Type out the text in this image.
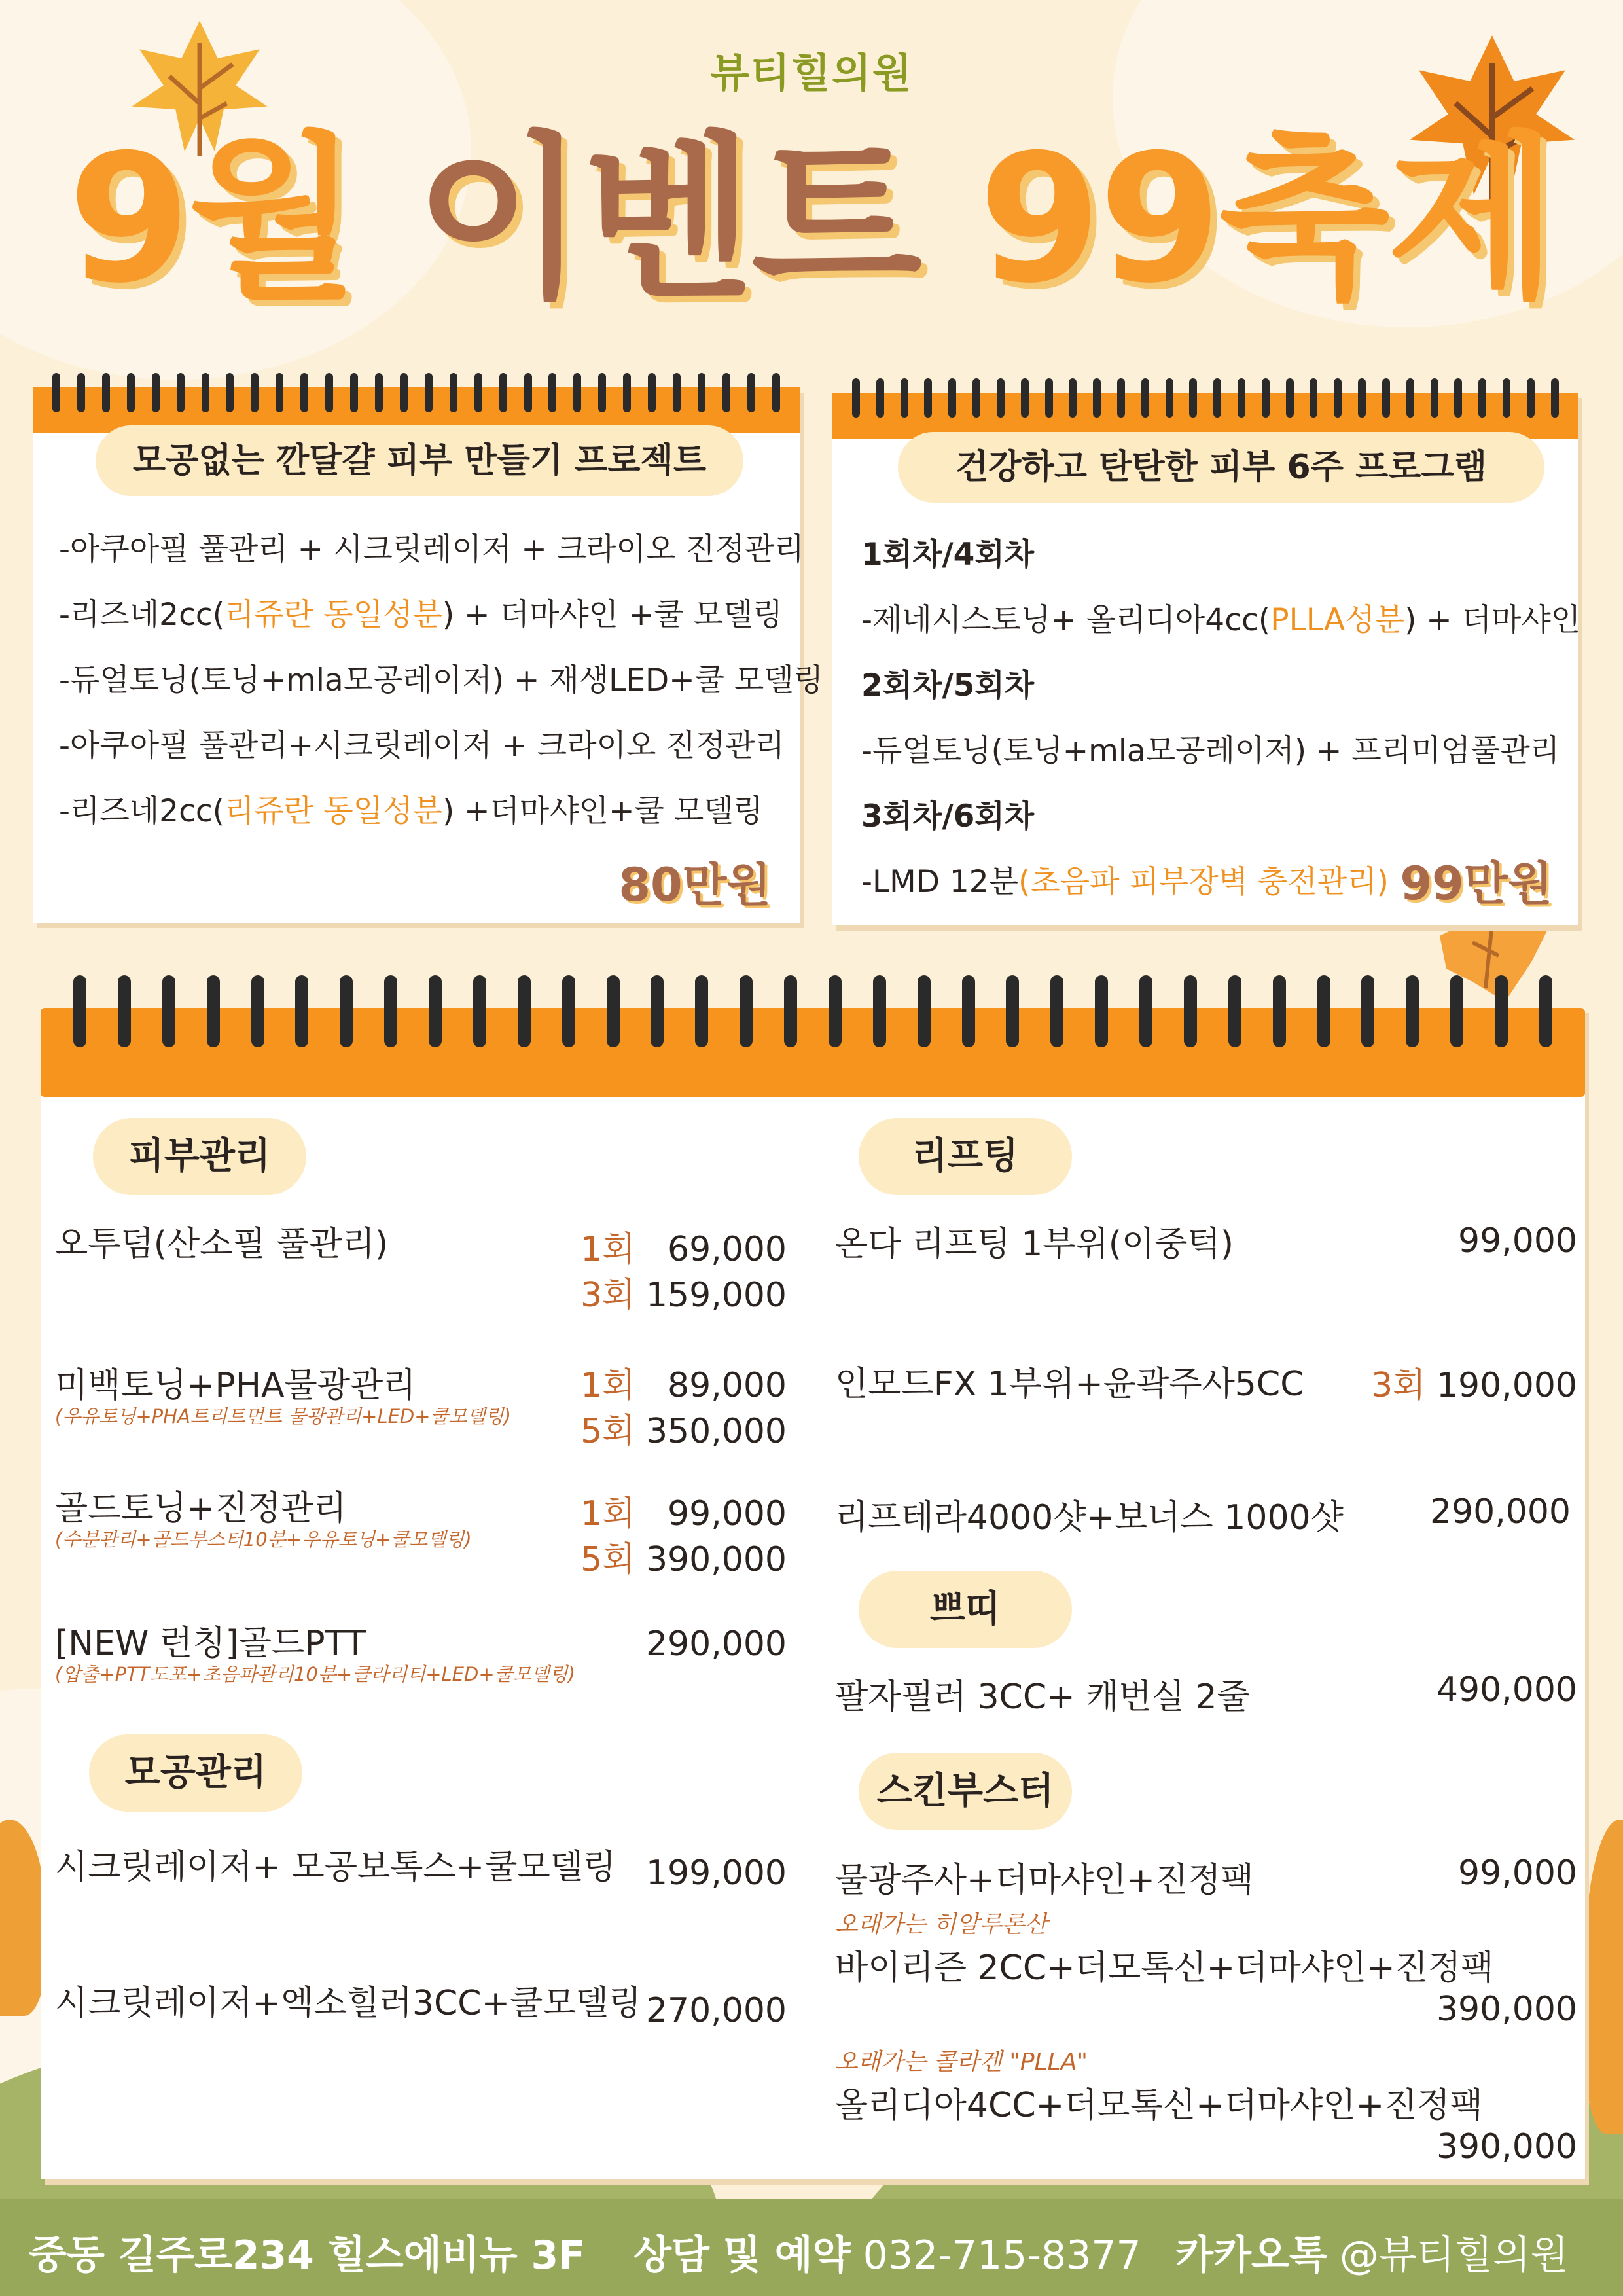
뷰티힐의원
9월 이벤트 99축제
모공없는 깐달걀 피부 만들기 프로젝트
-아쿠아필 풀관리 + 시크릿레이저 + 크라이오 진정관리
-리즈네2cc(리쥬란 동일성분) + 더마샤인 +쿨 모델링
-듀얼토닝(토닝+mla모공레이저) + 재생LED+쿨 모델링
-아쿠아필 풀관리+시크릿레이저 + 크라이오 진정관리
-리즈네2cc(리쥬란 동일성분) +더마샤인+쿨 모델링
80만원
건강하고 탄탄한 피부 6주 프로그램
1회차/4회차
-제네시스토닝+ 올리디아4cc(PLLA성분) + 더마샤인
2회차/5회차
-듀얼토닝(토닝+mla모공레이저) + 프리미엄풀관리
3회차/6회차
-LMD 12분(초음파 피부장벽 충전관리) 99만원
피부관리
오투덤(산소필 풀관리)	1회 69,000
3회 159,000
미백토닝+PHA물광관리
(우유토닝+PHA트리트먼트 물광관리+LED+쿨모델링)
1회 89,000
5회 350,000
골드토닝+진정관리
(수분관리+골드부스터10분+우유토닝+쿨모델링)
1회 99,000
5회 390,000
[NEW 런칭]골드PTT
(압출+PTT도포+초음파관리10분+클라리티+LED+쿨모델링)
290,000
모공관리
시크릿레이저+ 모공보톡스+쿨모델링 199,000
시크릿레이저+엑소힐러3CC+쿨모델링 270,000
리프팅
온다 리프팅 1부위(이중턱)	99,000
인모드FX 1부위+윤곽주사5CC 3회 190,000
리프테라4000샷+보너스 1000샷	290,000
쁘띠
팔자필러 3CC+ 캐번실 2줄	490,000
스킨부스터
물광주사+더마샤인+진정팩	99,000
오래가는 히알루론산
바이리즌 2CC+더모톡신+더마샤인+진정팩
390,000
오래가는 콜라겐 "PLLA"
올리디아4CC+더모톡신+더마샤인+진정팩
390,000
중동 길주로234 힐스에비뉴 3F 상담 및 예약 032-715-8377 카카오톡 @뷰티힐의원
